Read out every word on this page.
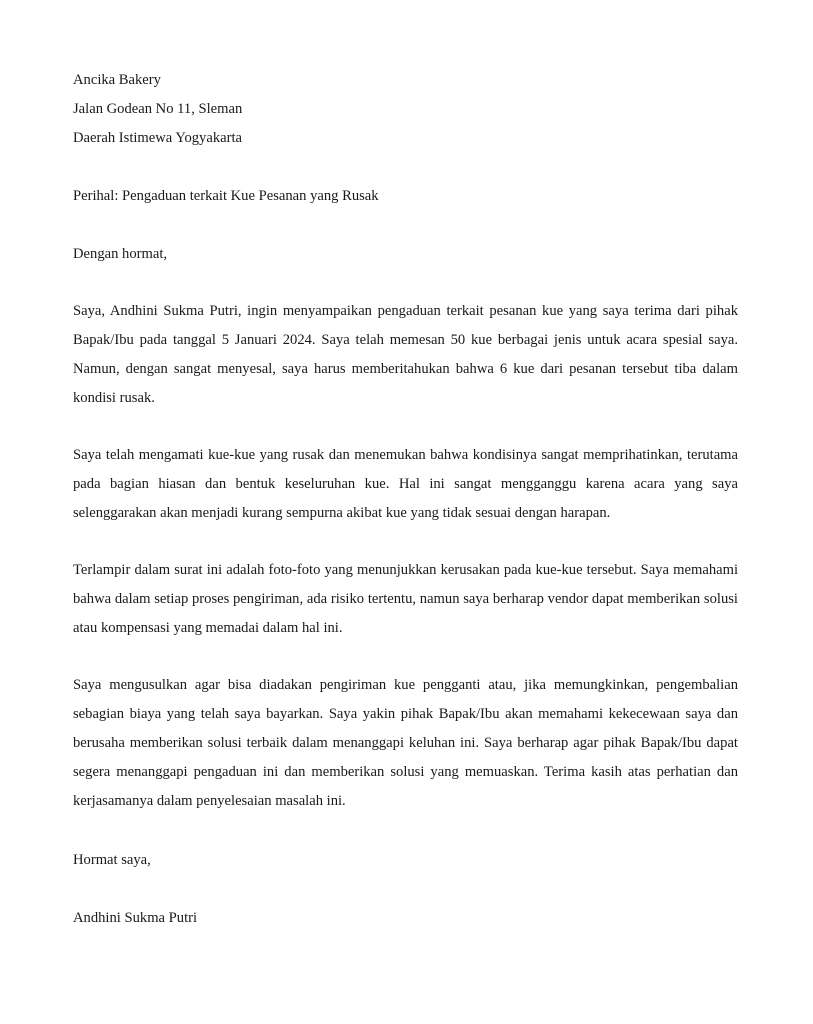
Ancika Bakery
Jalan Godean No 11, Sleman
Daerah Istimewa Yogyakarta

Perihal: Pengaduan terkait Kue Pesanan yang Rusak

Dengan hormat,

Saya, Andhini Sukma Putri, ingin menyampaikan pengaduan terkait pesanan kue yang saya terima dari pihak Bapak/Ibu pada tanggal 5 Januari 2024. Saya telah memesan 50 kue berbagai jenis untuk acara spesial saya. Namun, dengan sangat menyesal, saya harus memberitahukan bahwa 6 kue dari pesanan tersebut tiba dalam kondisi rusak.

Saya telah mengamati kue-kue yang rusak dan menemukan bahwa kondisinya sangat memprihatinkan, terutama pada bagian hiasan dan bentuk keseluruhan kue. Hal ini sangat mengganggu karena acara yang saya selenggarakan akan menjadi kurang sempurna akibat kue yang tidak sesuai dengan harapan.

Terlampir dalam surat ini adalah foto-foto yang menunjukkan kerusakan pada kue-kue tersebut. Saya memahami bahwa dalam setiap proses pengiriman, ada risiko tertentu, namun saya berharap vendor dapat memberikan solusi atau kompensasi yang memadai dalam hal ini.

Saya mengusulkan agar bisa diadakan pengiriman kue pengganti atau, jika memungkinkan, pengembalian sebagian biaya yang telah saya bayarkan. Saya yakin pihak Bapak/Ibu akan memahami kekecewaan saya dan berusaha memberikan solusi terbaik dalam menanggapi keluhan ini. Saya berharap agar pihak Bapak/Ibu dapat segera menanggapi pengaduan ini dan memberikan solusi yang memuaskan. Terima kasih atas perhatian dan kerjasamanya dalam penyelesaian masalah ini.

Hormat saya,

Andhini Sukma Putri
